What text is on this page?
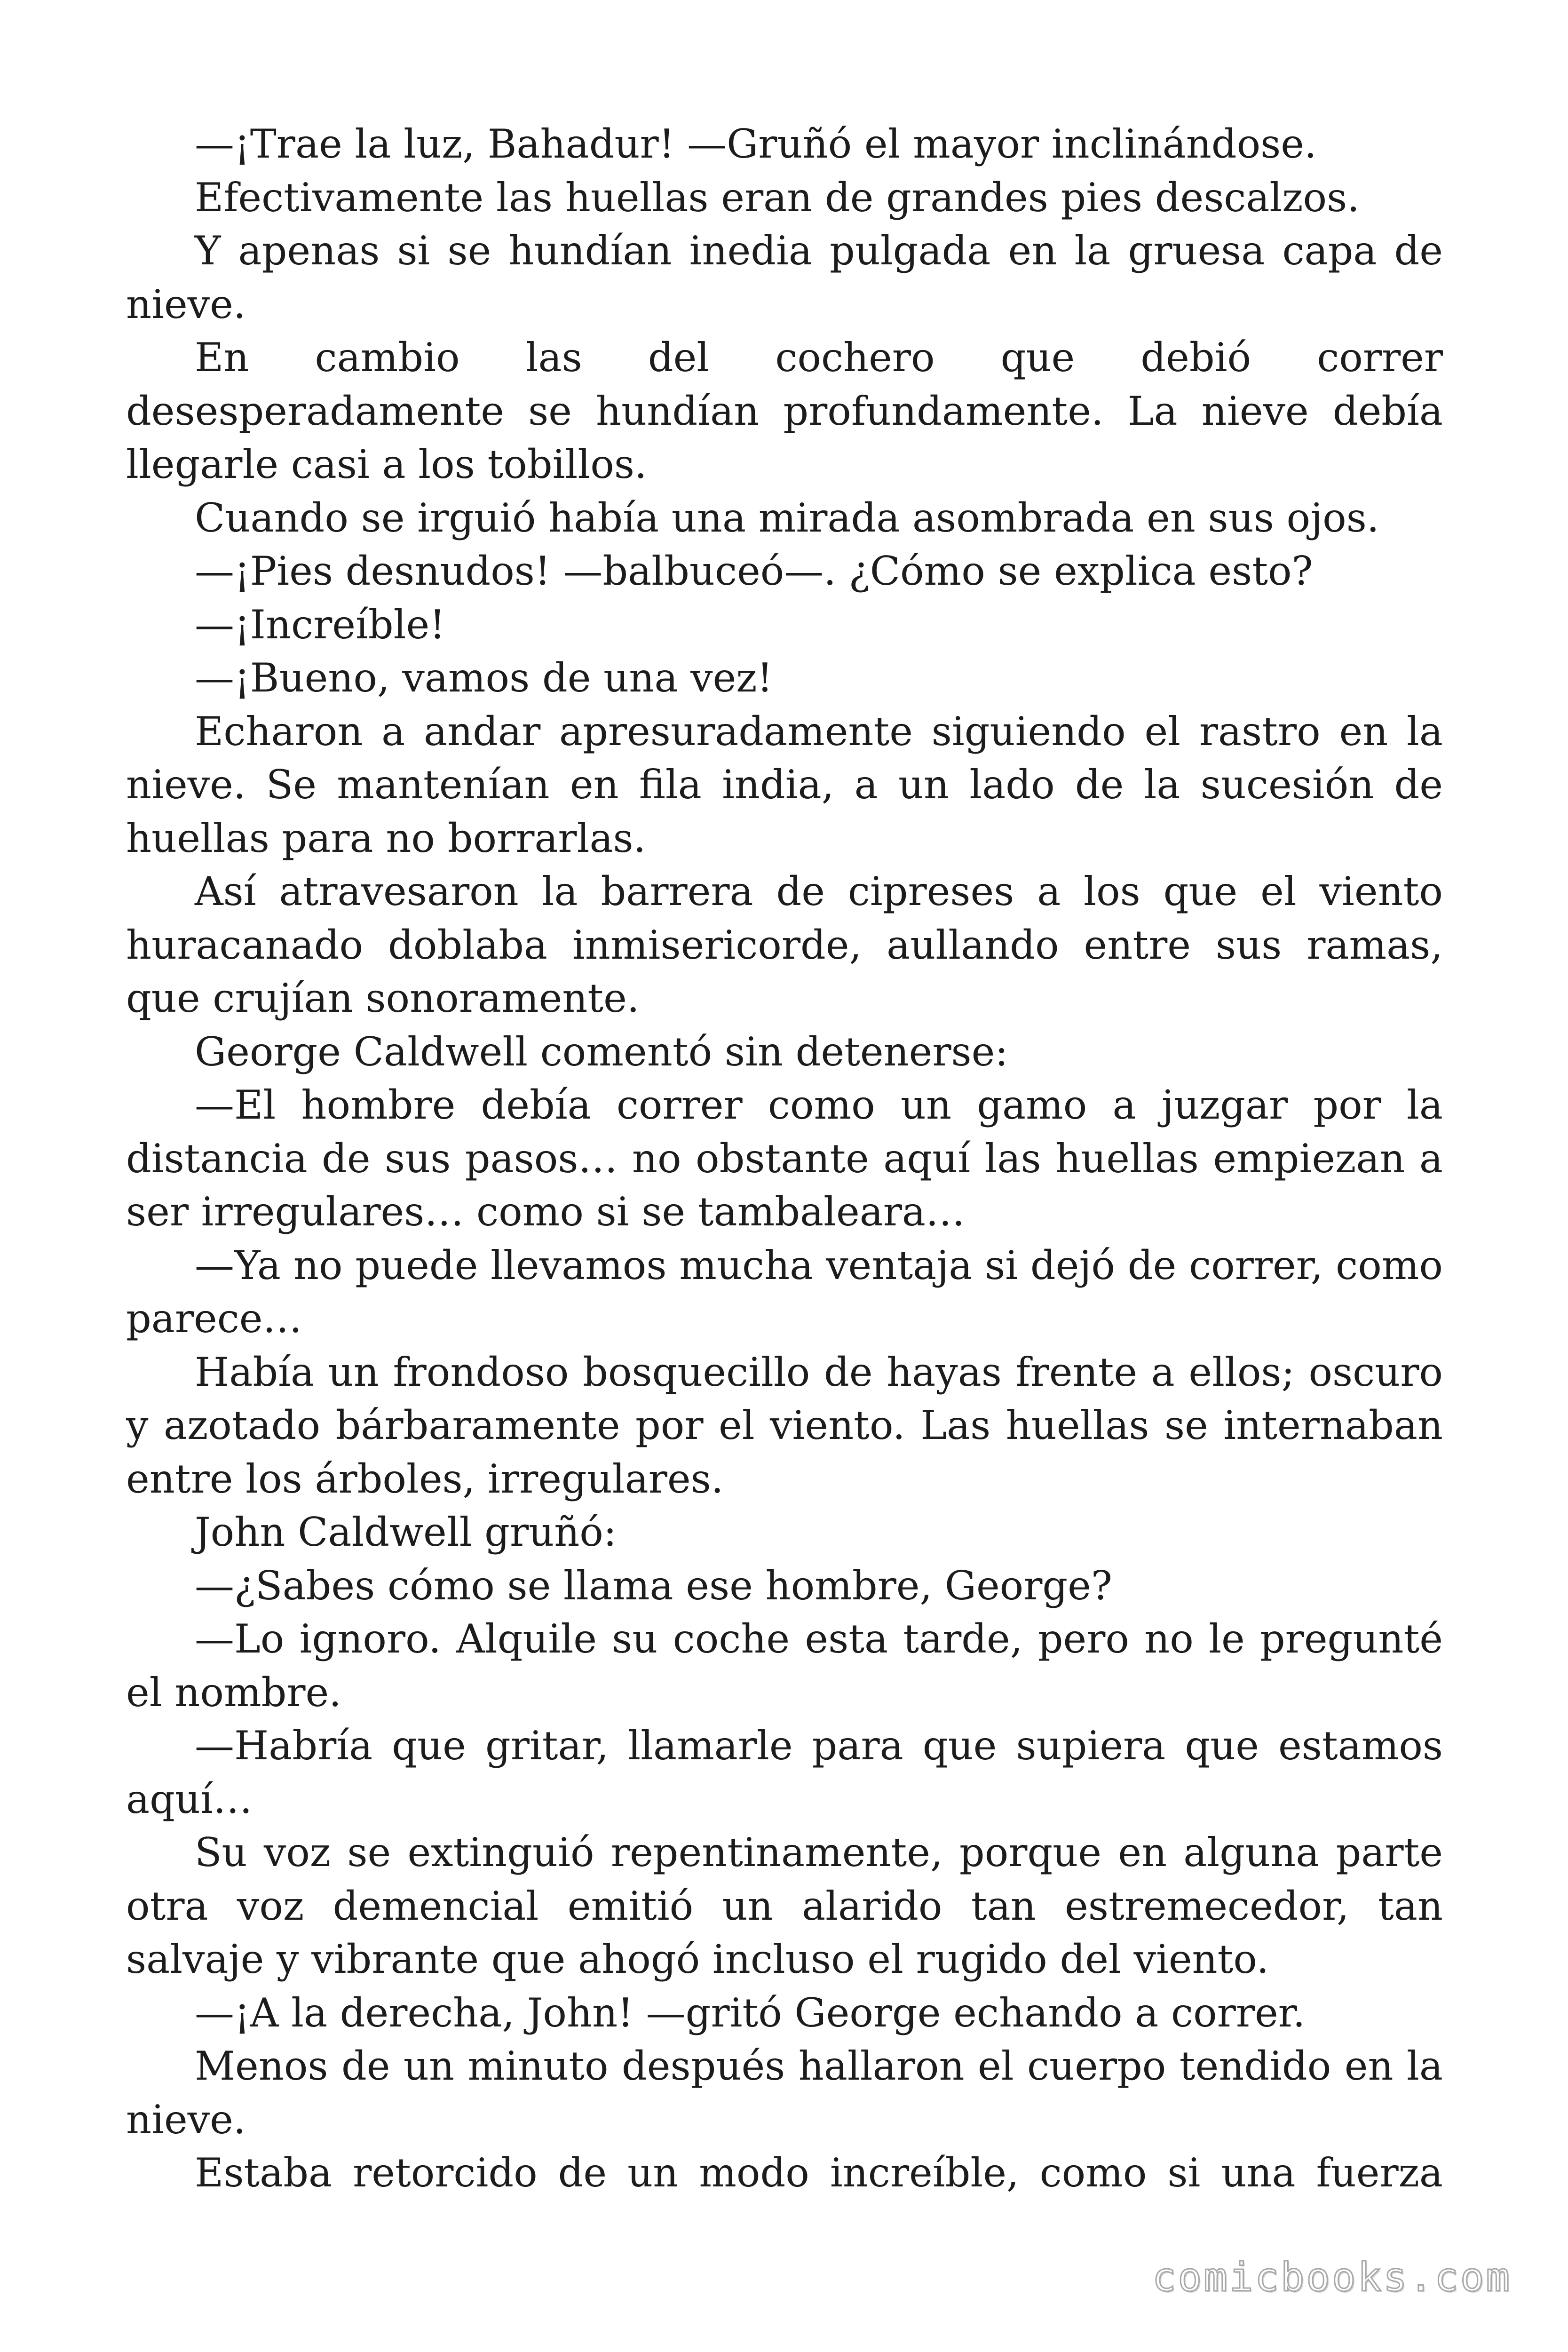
—¡Trae la luz, Bahadur! —Gruñó el mayor inclinándose.

Efectivamente las huellas eran de grandes pies descalzos.

Y apenas si se hundían inedia pulgada en la gruesa capa de nieve.

En cambio las del cochero que debió correr desesperadamente se hundían profundamente. La nieve debía llegarle casi a los tobillos.

Cuando se irguió había una mirada asombrada en sus ojos.

—¡Pies desnudos! —balbuceó—. ¿Cómo se explica esto?

—¡Increíble!

—¡Bueno, vamos de una vez!

Echaron a andar apresuradamente siguiendo el rastro en la nieve. Se mantenían en fila india, a un lado de la sucesión de huellas para no borrarlas.

Así atravesaron la barrera de cipreses a los que el viento huracanado doblaba inmisericorde, aullando entre sus ramas, que crujían sonoramente.

George Caldwell comentó sin detenerse:

—El hombre debía correr como un gamo a juzgar por la distancia de sus pasos… no obstante aquí las huellas empiezan a ser irregulares… como si se tambaleara…

—Ya no puede llevamos mucha ventaja si dejó de correr, como parece…

Había un frondoso bosquecillo de hayas frente a ellos; oscuro y azotado bárbaramente por el viento. Las huellas se internaban entre los árboles, irregulares.

John Caldwell gruñó:

—¿Sabes cómo se llama ese hombre, George?

—Lo ignoro. Alquile su coche esta tarde, pero no le pregunté el nombre.

—Habría que gritar, llamarle para que supiera que estamos aquí…

Su voz se extinguió repentinamente, porque en alguna parte otra voz demencial emitió un alarido tan estremecedor, tan salvaje y vibrante que ahogó incluso el rugido del viento.

—¡A la derecha, John! —gritó George echando a correr.

Menos de un minuto después hallaron el cuerpo tendido en la nieve.

Estaba retorcido de un modo increíble, como si una fuerza

comicbooks.com
